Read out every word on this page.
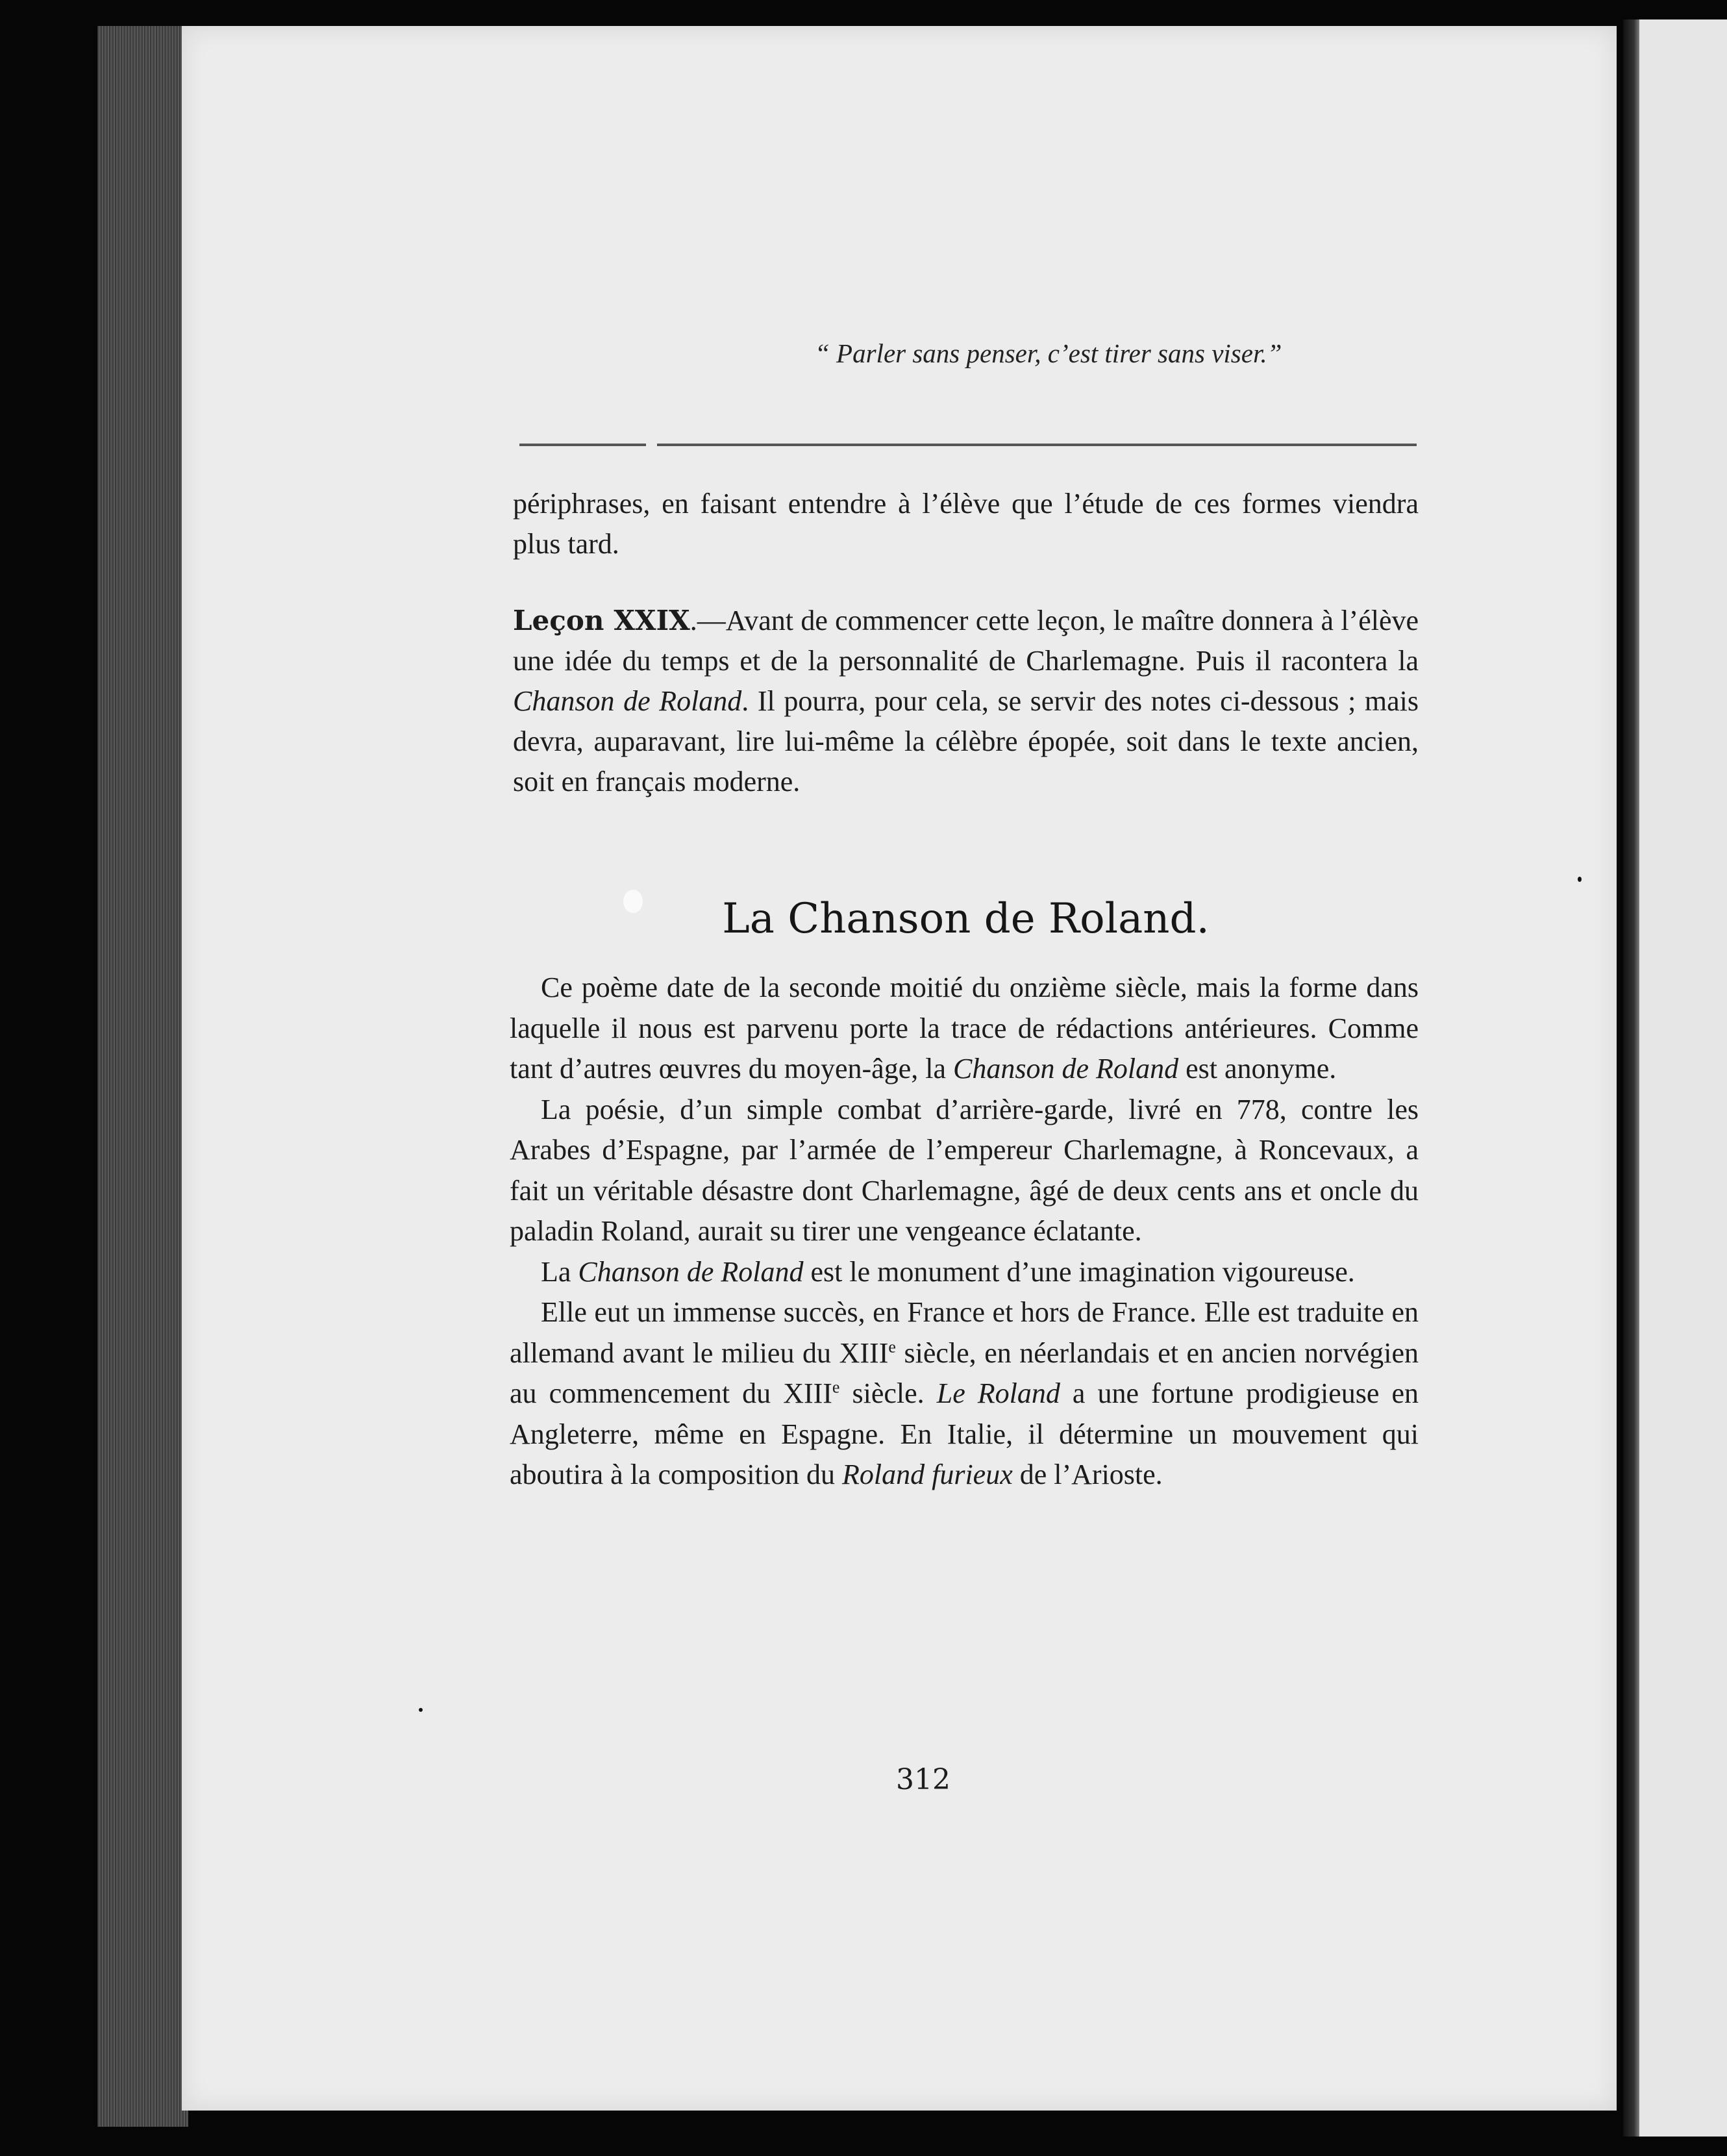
“ Parler sans penser, c’est tirer sans viser.”
périphrases, en faisant entendre à l’élève que l’étude de ces formes viendra plus tard.
Leçon XXIX.—Avant de commencer cette leçon, le maître donnera à l’élève une idée du temps et de la personnalité de Charlemagne. Puis il racontera la Chanson de Roland. Il pourra, pour cela, se servir des notes ci-dessous ; mais devra, auparavant, lire lui-même la célèbre épopée, soit dans le texte ancien, soit en français moderne.
La Chanson de Roland.

Ce poème date de la seconde moitié du onzième siècle, mais la forme dans laquelle il nous est parvenu porte la trace de rédactions antérieures. Comme tant d’autres œuvres du moyen-âge, la Chanson de Roland est anonyme.

La poésie, d’un simple combat d’arrière-garde, livré en 778, contre les Arabes d’Espagne, par l’armée de l’empereur Charlemagne, à Roncevaux, a fait un véritable désastre dont Charlemagne, âgé de deux cents ans et oncle du paladin Roland, aurait su tirer une vengeance éclatante.

La Chanson de Roland est le monument d’une imagination vigoureuse.

Elle eut un immense succès, en France et hors de France. Elle est traduite en allemand avant le milieu du XIIIe siècle, en néerlandais et en ancien norvégien au commencement du XIIIe siècle. Le Roland a une fortune prodigieuse en Angleterre, même en Espagne. En Italie, il détermine un mouvement qui aboutira à la composition du Roland furieux de l’Arioste.

312
